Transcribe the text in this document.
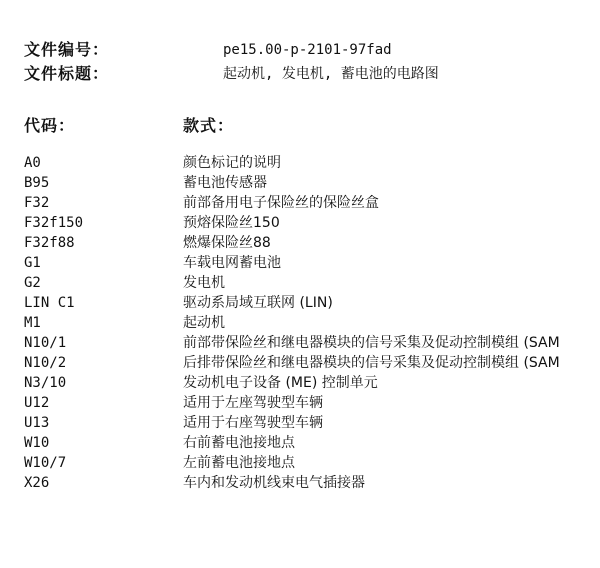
文件编号：	pe15.00-p-2101-97fad
文件标题：	起动机, 发电机, 蓄电池的电路图
代码：	款式：
A0	颜色标记的说明
B95	蓄电池传感器
F32	前部备用电子保险丝的保险丝盒
F32f150	预熔保险丝150
F32f88	燃爆保险丝88
G1	车载电网蓄电池
G2	发电机
LIN C1	驱动系局域互联网 (LIN)
M1	起动机
N10/1	前部带保险丝和继电器模块的信号采集及促动控制模组 (SAM
N10/2	后排带保险丝和继电器模块的信号采集及促动控制模组 (SAM
N3/10	发动机电子设备 (ME) 控制单元
U12	适用于左座驾驶型车辆
U13	适用于右座驾驶型车辆
W10	右前蓄电池接地点
W10/7	左前蓄电池接地点
X26	车内和发动机线束电气插接器
